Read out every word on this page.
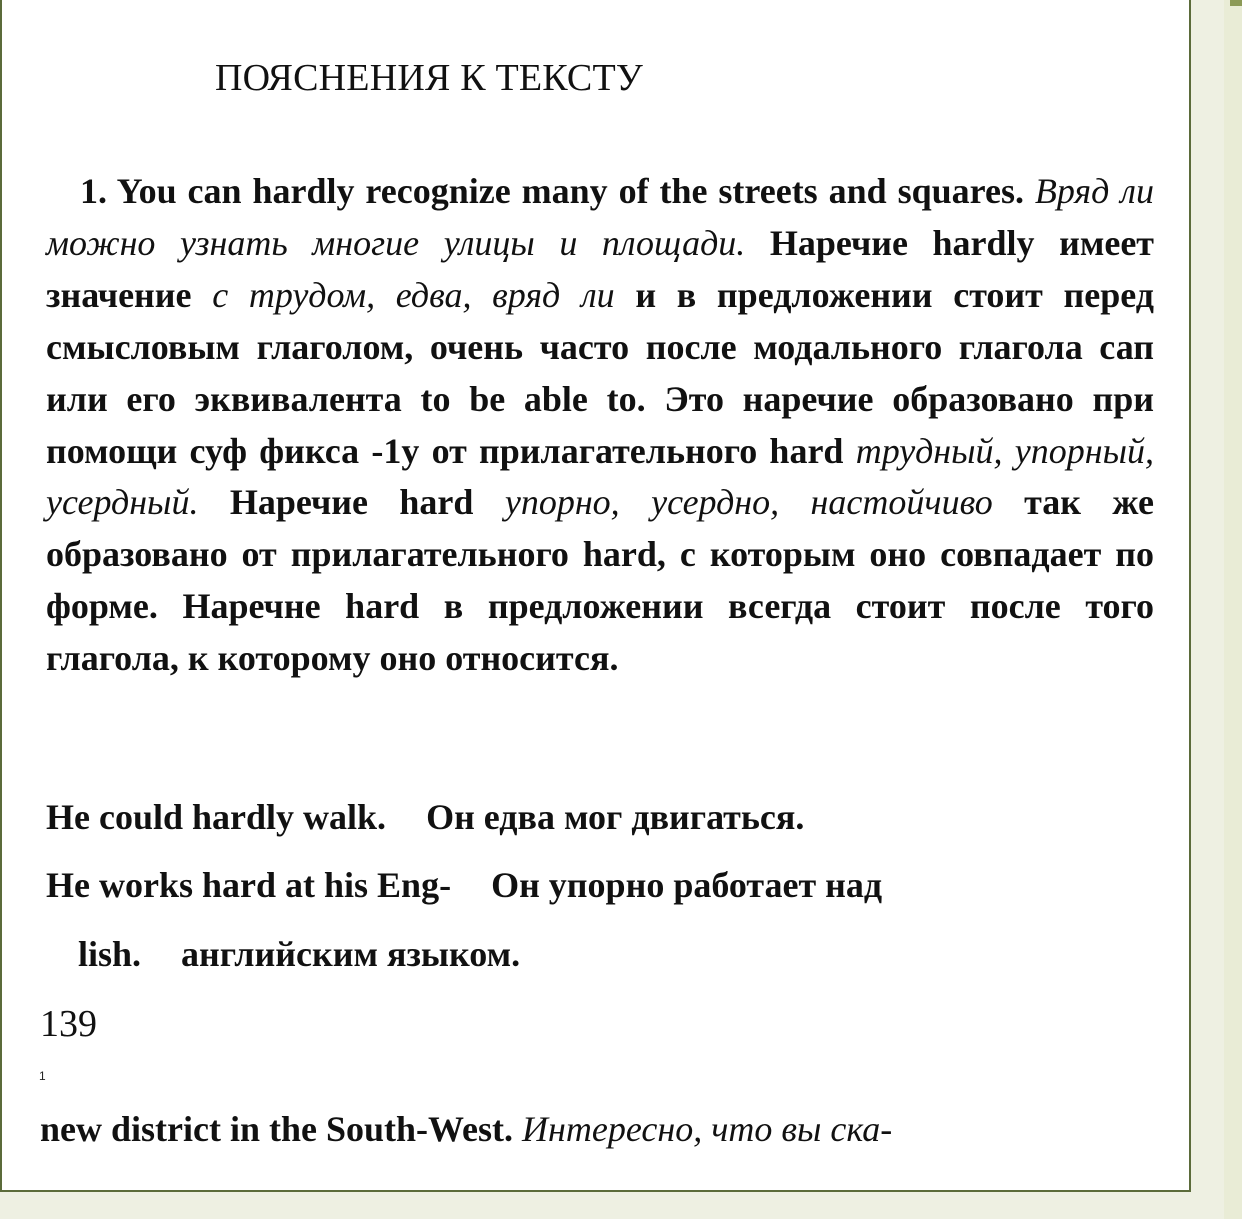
ПОЯСНЕНИЯ К ТЕКСТУ
1. You can hardly recognize many of the streets and squares. Вряд ли можно узнать многие улицы и площади. Наречие hardly имеет значение с трудом, едва, вряд ли и в предложении стоит перед смысловым глаголом, очень часто после модального глагола сап или его эквивалента to be able to. Это наречие образовано при помощи суф фикса -1у от прилагательного hard трудный, упорный, усердный. Наречие hard упорно, усердно, настойчиво так же образовано от прилагательного hard, с которым оно совпадает по форме. Наречне hard в предложении всегда стоит после того глагола, к которому оно относится.
He could hardly walk. Он едва мог двигаться.
He works hard at his Eng- Он упорно работает над
lish. английским языком.
139
1
new district in the South-West. Интересно, что вы ска-
